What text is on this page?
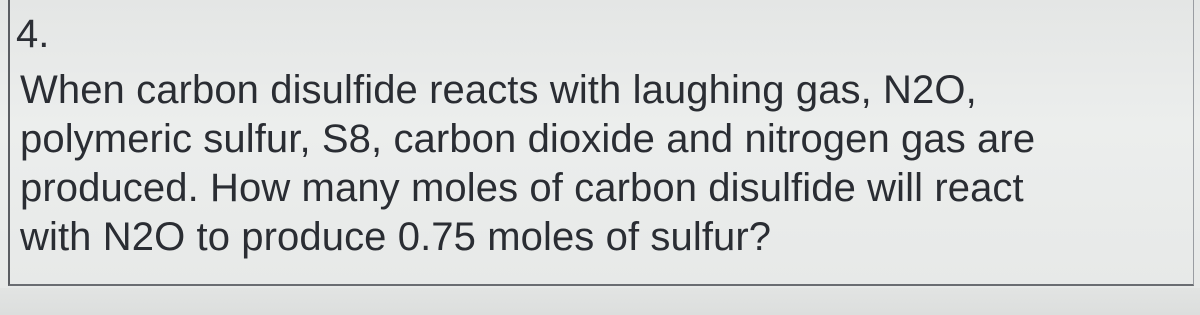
4.

When carbon disulfide reacts with laughing gas, N2O,
polymeric sulfur, S8, carbon dioxide and nitrogen gas are
produced. How many moles of carbon disulfide will react
with N2O to produce 0.75 moles of sulfur?
